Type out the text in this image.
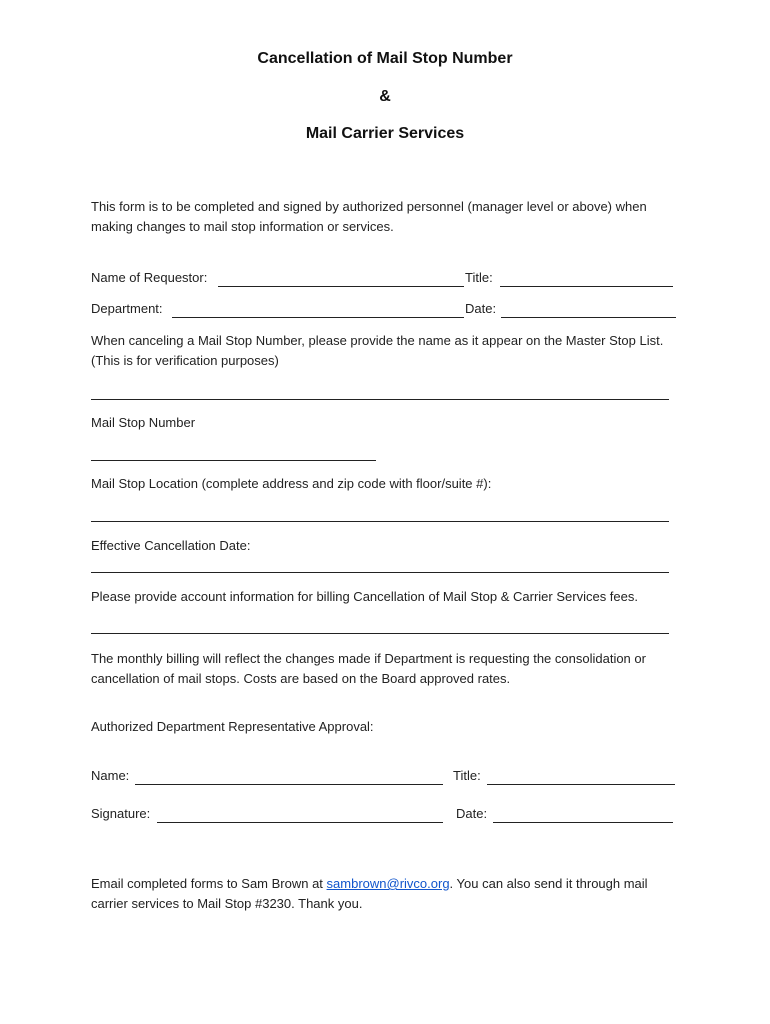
Cancellation of Mail Stop Number
&
Mail Carrier Services
This form is to be completed and signed by authorized personnel (manager level or above) when making changes to mail stop information or services.
Name of Requestor:	Title:
Department:	Date:
When canceling a Mail Stop Number, please provide the name as it appear on the Master Stop List. (This is for verification purposes)
Mail Stop Number
Mail Stop Location (complete address and zip code with floor/suite #):
Effective Cancellation Date:
Please provide account information for billing Cancellation of Mail Stop & Carrier Services fees.
The monthly billing will reflect the changes made if Department is requesting the consolidation or cancellation of mail stops. Costs are based on the Board approved rates.
Authorized Department Representative Approval:
Name:	Title:
Signature:	Date:
Email completed forms to Sam Brown at sambrown@rivco.org. You can also send it through mail carrier services to Mail Stop #3230. Thank you.
